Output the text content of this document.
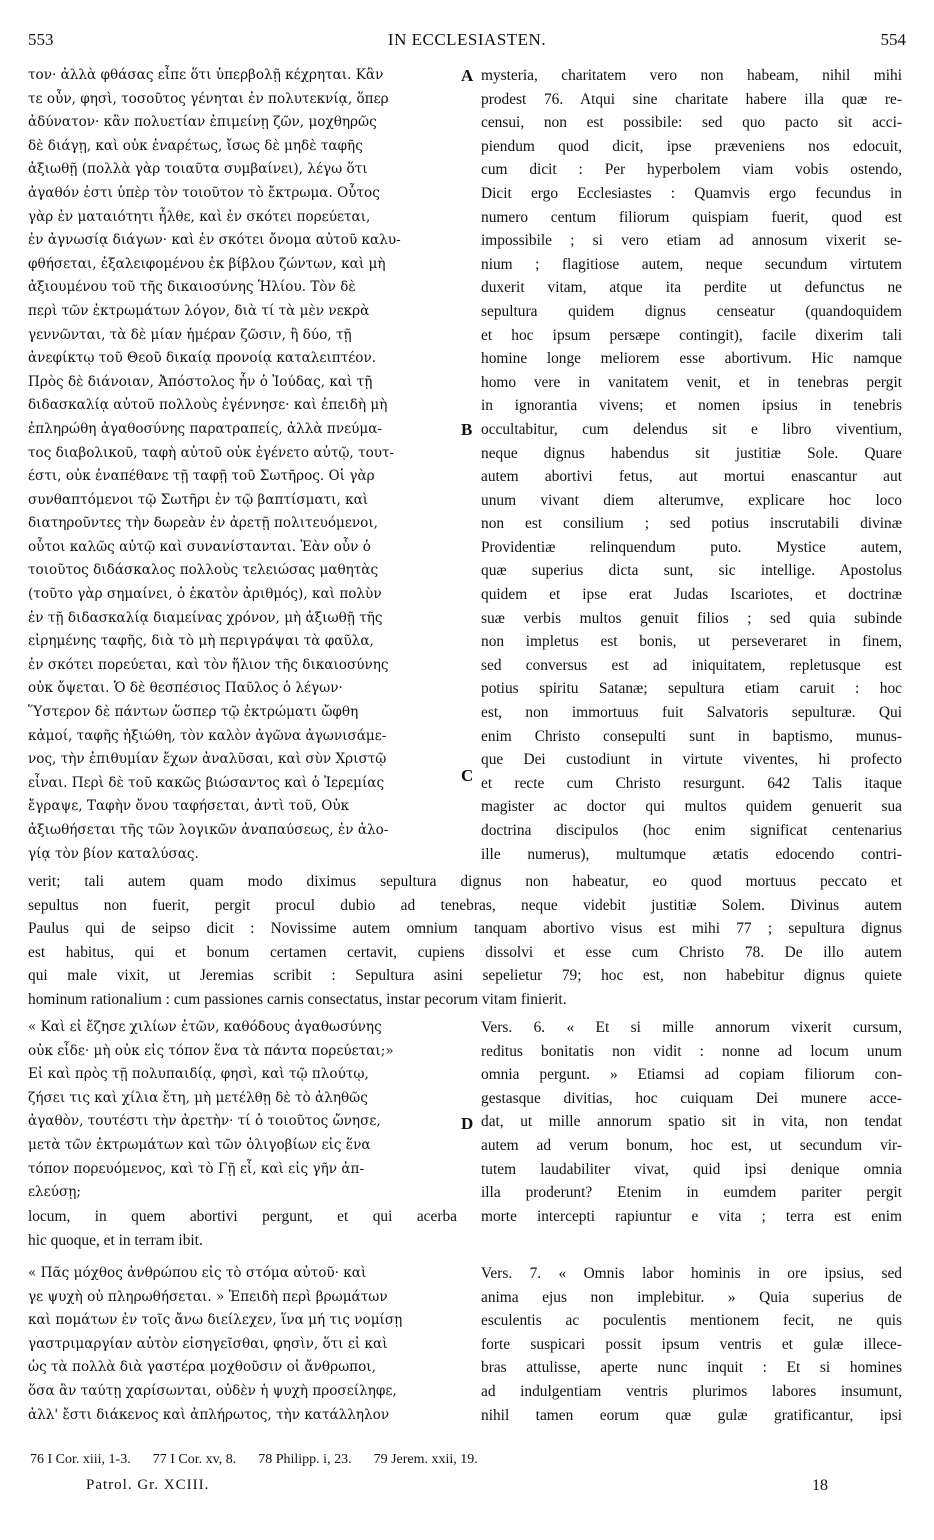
553	IN ECCLESIASTEN.	554
τον· ἀλλὰ φθάσας εἶπε ὅτι ὑπερβολῇ κέχρηται. Κἂν
τε οὖν, φησὶ, τοσοῦτος γένηται ἐν πολυτεκνίᾳ, ὅπερ
ἀδύνατον· κἂν πολυετίαν ἐπιμείνῃ ζῶν, μοχθηρῶς
δὲ διάγῃ, καὶ οὐκ ἐναρέτως, ἴσως δὲ μηδὲ ταφῆς
ἀξιωθῇ (πολλὰ γὰρ τοιαῦτα συμβαίνει), λέγω ὅτι
ἀγαθόν ἐστι ὑπὲρ τὸν τοιοῦτον τὸ ἔκτρωμα. Οὗτος
γὰρ ἐν ματαιότητι ἦλθε, καὶ ἐν σκότει πορεύεται,
ἐν ἀγνωσίᾳ διάγων· καὶ ἐν σκότει ὄνομα αὐτοῦ καλυ-
φθήσεται, ἐξαλειφομένου ἐκ βίβλου ζώντων, καὶ μὴ
ἀξιουμένου τοῦ τῆς δικαιοσύνης Ἡλίου. Τὸν δὲ
περὶ τῶν ἐκτρωμάτων λόγον, διὰ τί τὰ μὲν νεκρὰ
γεννῶνται, τὰ δὲ μίαν ἡμέραν ζῶσιν, ἢ δύο, τῇ
ἀνεφίκτῳ τοῦ Θεοῦ δικαίᾳ προνοίᾳ καταλειπτέον.
Πρὸς δὲ διάνοιαν, Ἀπόστολος ἦν ὁ Ἰούδας, καὶ τῇ
διδασκαλίᾳ αὐτοῦ πολλοὺς ἐγέννησε· καὶ ἐπειδὴ μὴ
ἐπληρώθη ἀγαθοσύνης παρατραπείς, ἀλλὰ πνεύμα-
τος διαβολικοῦ, ταφὴ αὐτοῦ οὐκ ἐγένετο αὐτῷ, τουτ-
έστι, οὐκ ἐναπέθανε τῇ ταφῇ τοῦ Σωτῆρος. Οἱ γὰρ
συνθαπτόμενοι τῷ Σωτῆρι ἐν τῷ βαπτίσματι, καὶ
διατηροῦντες τὴν δωρεὰν ἐν ἀρετῇ πολιτευόμενοι,
οὗτοι καλῶς αὐτῷ καὶ συνανίστανται. Ἐὰν οὖν ὁ
τοιοῦτος διδάσκαλος πολλοὺς τελειώσας μαθητὰς
(τοῦτο γὰρ σημαίνει, ὁ ἑκατὸν ἀριθμός), καὶ πολὺν
ἐν τῇ διδασκαλίᾳ διαμείνας χρόνον, μὴ ἀξιωθῇ τῆς
εἰρημένης ταφῆς, διὰ τὸ μὴ περιγράψαι τὰ φαῦλα,
ἐν σκότει πορεύεται, καὶ τὸν ἥλιον τῆς δικαιοσύνης
οὐκ ὄψεται. Ὁ δὲ θεσπέσιος Παῦλος ὁ λέγων·
Ὕστερον δὲ πάντων ὥσπερ τῷ ἐκτρώματι ὤφθη
κἀμοί, ταφῆς ἠξιώθη, τὸν καλὸν ἀγῶνα ἀγωνισάμε-
νος, τὴν ἐπιθυμίαν ἔχων ἀναλῦσαι, καὶ σὺν Χριστῷ
εἶναι. Περὶ δὲ τοῦ κακῶς βιώσαντος καὶ ὁ Ἱερεμίας
ἔγραψε, Ταφὴν ὄνου ταφήσεται, ἀντὶ τοῦ, Οὐκ
ἀξιωθήσεται τῆς τῶν λογικῶν ἀναπαύσεως, ἐν ἀλο-
γίᾳ τὸν βίον καταλύσας.
mysteria, charitatem vero non habeam, nihil mihi
prodest 76. Atqui sine charitate habere illa quæ re-
censui, non est possibile: sed quo pacto sit acci-
piendum quod dicit, ipse præveniens nos edocuit,
cum dicit : Per hyperbolem viam vobis ostendo,
Dicit ergo Ecclesiastes : Quamvis ergo fecundus in
numero centum filiorum quispiam fuerit, quod est
impossibile ; si vero etiam ad annosum vixerit se-
nium ; flagitiose autem, neque secundum virtutem
duxerit vitam, atque ita perdite ut defunctus ne
sepultura quidem dignus censeatur (quandoquidem
et hoc ipsum persæpe contingit), facile dixerim tali
homine longe meliorem esse abortivum. Hic namque
homo vere in vanitatem venit, et in tenebras pergit
in ignorantia vivens; et nomen ipsius in tenebris
occultabitur, cum delendus sit e libro viventium,
neque dignus habendus sit justitiæ Sole. Quare
autem abortivi fetus, aut mortui enascantur aut
unum vivant diem alterumve, explicare hoc loco
non est consilium ; sed potius inscrutabili divinæ
Providentiæ relinquendum puto. Mystice autem,
quæ superius dicta sunt, sic intellige. Apostolus
quidem et ipse erat Judas Iscariotes, et doctrinæ
suæ verbis multos genuit filios ; sed quia subinde
non impletus est bonis, ut perseveraret in finem,
sed conversus est ad iniquitatem, repletusque est
potius spiritu Satanæ; sepultura etiam caruit : hoc
est, non immortuus fuit Salvatoris sepulturæ. Qui
enim Christo consepulti sunt in baptismo, munus-
que Dei custodiunt in virtute viventes, hi profecto
et recte cum Christo resurgunt. 642 Talis itaque
magister ac doctor qui multos quidem genuerit sua
doctrina discipulos (hoc enim significat centenarius
ille numerus), multumque ætatis edocendo contri-
A
B
C
D
verit; tali autem quam modo diximus sepultura dignus non habeatur, eo quod mortuus peccato et
sepultus non fuerit, pergit procul dubio ad tenebras, neque videbit justitiæ Solem. Divinus autem
Paulus qui de seipso dicit : Novissime autem omnium tanquam abortivo visus est mihi 77 ; sepultura dignus
est habitus, qui et bonum certamen certavit, cupiens dissolvi et esse cum Christo 78. De illo autem
qui male vixit, ut Jeremias scribit : Sepultura asini sepelietur 79; hoc est, non habebitur dignus quiete
hominum rationalium : cum passiones carnis consectatus, instar pecorum vitam finierit.
« Καὶ εἰ ἔζησε χιλίων ἐτῶν, καθόδους ἀγαθωσύνης
οὐκ εἶδε· μὴ οὐκ εἰς τόπον ἕνα τὰ πάντα πορεύεται;»
Εἰ καὶ πρὸς τῇ πολυπαιδίᾳ, φησὶ, καὶ τῷ πλούτῳ,
ζήσει τις καὶ χίλια ἔτη, μὴ μετέλθῃ δὲ τὸ ἀληθῶς
ἀγαθὸν, τουτέστι τὴν ἀρετὴν· τί ὁ τοιοῦτος ὤνησε,
μετὰ τῶν ἐκτρωμάτων καὶ τῶν ὀλιγοβίων εἰς ἕνα
τόπον πορευόμενος, καὶ τὸ Γῇ εἶ, καὶ εἰς γῆν ἀπ-
ελεύσῃ;
Vers. 6. « Et si mille annorum vixerit cursum,
reditus bonitatis non vidit : nonne ad locum unum
omnia pergunt. » Etiamsi ad copiam filiorum con-
gestasque divitias, hoc cuiquam Dei munere acce-
dat, ut mille annorum spatio sit in vita, non tendat
autem ad verum bonum, hoc est, ut secundum vir-
tutem laudabiliter vivat, quid ipsi denique omnia
illa proderunt? Etenim in eumdem pariter pergit
morte intercepti rapiuntur e vita ; terra est enim
locum, in quem abortivi pergunt, et qui acerba
hic quoque, et in terram ibit.
« Πᾶς μόχθος ἀνθρώπου εἰς τὸ στόμα αὐτοῦ· καὶ
γε ψυχὴ οὐ πληρωθήσεται. » Ἐπειδὴ περὶ βρωμάτων
καὶ πομάτων ἐν τοῖς ἄνω διείλεχεν, ἵνα μή τις νομίσῃ
γαστριμαργίαν αὐτὸν εἰσηγεῖσθαι, φησὶν, ὅτι εἰ καὶ
ὡς τὰ πολλὰ διὰ γαστέρα μοχθοῦσιν οἱ ἄνθρωποι,
ὅσα ἂν ταύτῃ χαρίσωνται, οὐδὲν ἡ ψυχὴ προσείληφε,
ἀλλ' ἔστι διάκενος καὶ ἀπλήρωτος, τὴν κατάλληλον
Vers. 7. « Omnis labor hominis in ore ipsius, sed
anima ejus non implebitur. » Quia superius de
esculentis ac poculentis mentionem fecit, ne quis
forte suspicari possit ipsum ventris et gulæ illece-
bras attulisse, aperte nunc inquit : Et si homines
ad indulgentiam ventris plurimos labores insumunt,
nihil tamen eorum quæ gulæ gratificantur, ipsi
76 I Cor. xiii, 1-3. 77 I Cor. xv, 8. 78 Philipp. i, 23. 79 Jerem. xxii, 19.
Patrol. Gr. XCIII.	18
